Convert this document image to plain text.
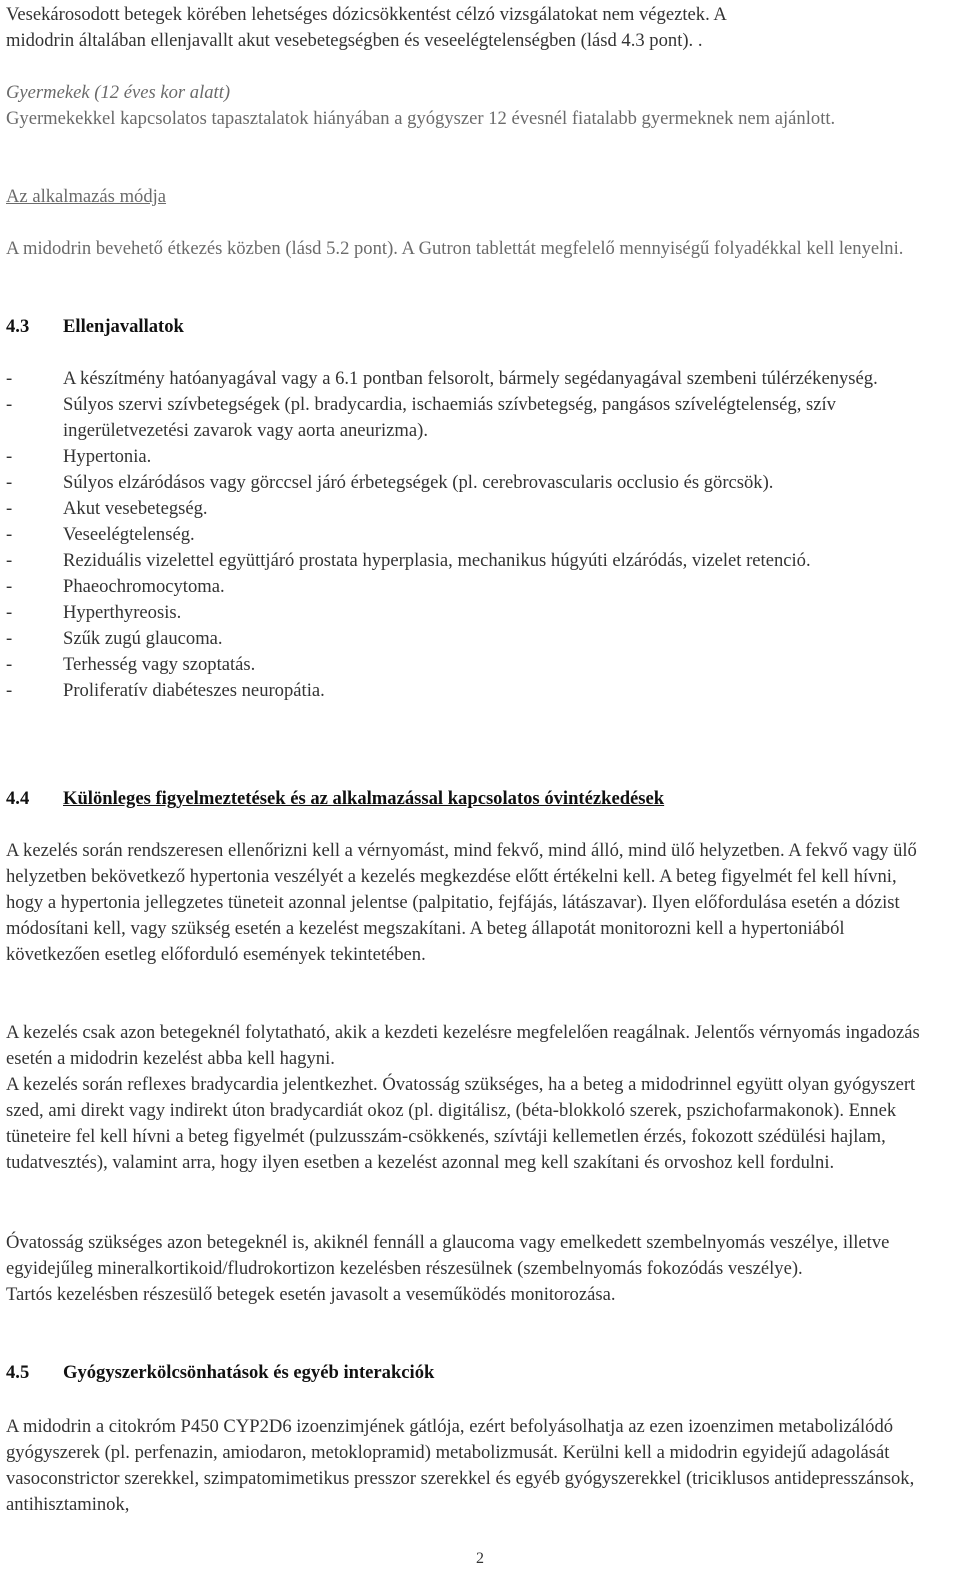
Vesekárosodott betegek körében lehetséges dózicsökkentést célzó vizsgálatokat nem végeztek. A

midodrin általában ellenjavallt akut vesebetegségben és veseelégtelenségben (lásd 4.3 pont). .

Gyermekek (12 éves kor alatt)

Gyermekekkel kapcsolatos tapasztalatok hiányában a gyógyszer 12 évesnél fiatalabb gyermeknek nem ajánlott.

Az alkalmazás módja

A midodrin bevehető étkezés közben (lásd 5.2 pont). A Gutron tablettát megfelelő mennyiségű folyadékkal kell lenyelni.

4.3 Ellenjavallatok

-	A készítmény hatóanyagával vagy a 6.1 pontban felsorolt, bármely segédanyagával szembeni túlérzékenység.
-	Súlyos szervi szívbetegségek (pl. bradycardia, ischaemiás szívbetegség, pangásos szívelégtelenség, szív ingerületvezetési zavarok vagy aorta aneurizma).
-	Hypertonia.
-	Súlyos elzáródásos vagy görccsel járó érbetegségek (pl. cerebrovascularis occlusio és görcsök).
-	Akut vesebetegség.
-	Veseelégtelenség.
-	Reziduális vizelettel együttjáró prostata hyperplasia, mechanikus húgyúti elzáródás, vizelet retenció.
-	Phaeochromocytoma.
-	Hyperthyreosis.
-	Szűk zugú glaucoma.
-	Terhesség vagy szoptatás.
-	Proliferatív diabéteszes neuropátia.

4.4 Különleges figyelmeztetések és az alkalmazással kapcsolatos óvintézkedések

A kezelés során rendszeresen ellenőrizni kell a vérnyomást, mind fekvő, mind álló, mind ülő helyzetben. A fekvő vagy ülő helyzetben bekövetkező hypertonia veszélyét a kezelés megkezdése előtt értékelni kell. A beteg figyelmét fel kell hívni, hogy a hypertonia jellegzetes tüneteit azonnal jelentse (palpitatio, fejfájás, látászavar). Ilyen előfordulása esetén a dózist módosítani kell, vagy szükség esetén a kezelést megszakítani. A beteg állapotát monitorozni kell a hypertoniából következően esetleg előforduló események tekintetében.

A kezelés csak azon betegeknél folytatható, akik a kezdeti kezelésre megfelelően reagálnak. Jelentős vérnyomás ingadozás esetén a midodrin kezelést abba kell hagyni.

A kezelés során reflexes bradycardia jelentkezhet. Óvatosság szükséges, ha a beteg a midodrinnel együtt olyan gyógyszert szed, ami direkt vagy indirekt úton bradycardiát okoz (pl. digitálisz, (béta-blokkoló szerek, pszichofarmakonok). Ennek tüneteire fel kell hívni a beteg figyelmét (pulzusszám-csökkenés, szívtáji kellemetlen érzés, fokozott szédülési hajlam, tudatvesztés), valamint arra, hogy ilyen esetben a kezelést azonnal meg kell szakítani és orvoshoz kell fordulni.

Óvatosság szükséges azon betegeknél is, akiknél fennáll a glaucoma vagy emelkedett szembelnyomás veszélye, illetve egyidejűleg mineralkortikoid/fludrokortizon kezelésben részesülnek (szembelnyomás fokozódás veszélye).

Tartós kezelésben részesülő betegek esetén javasolt a veseműködés monitorozása.

4.5 Gyógyszerkölcsönhatások és egyéb interakciók

A midodrin a citokróm P450 CYP2D6 izoenzimjének gátlója, ezért befolyásolhatja az ezen izoenzimen metabolizálódó gyógyszerek (pl. perfenazin, amiodaron, metoklopramid) metabolizmusát. Kerülni kell a midodrin egyidejű adagolását vasoconstrictor szerekkel, szimpatomimetikus presszor szerekkel és egyéb gyógyszerekkel (triciklusos antidepresszánsok, antihisztaminok,

2
